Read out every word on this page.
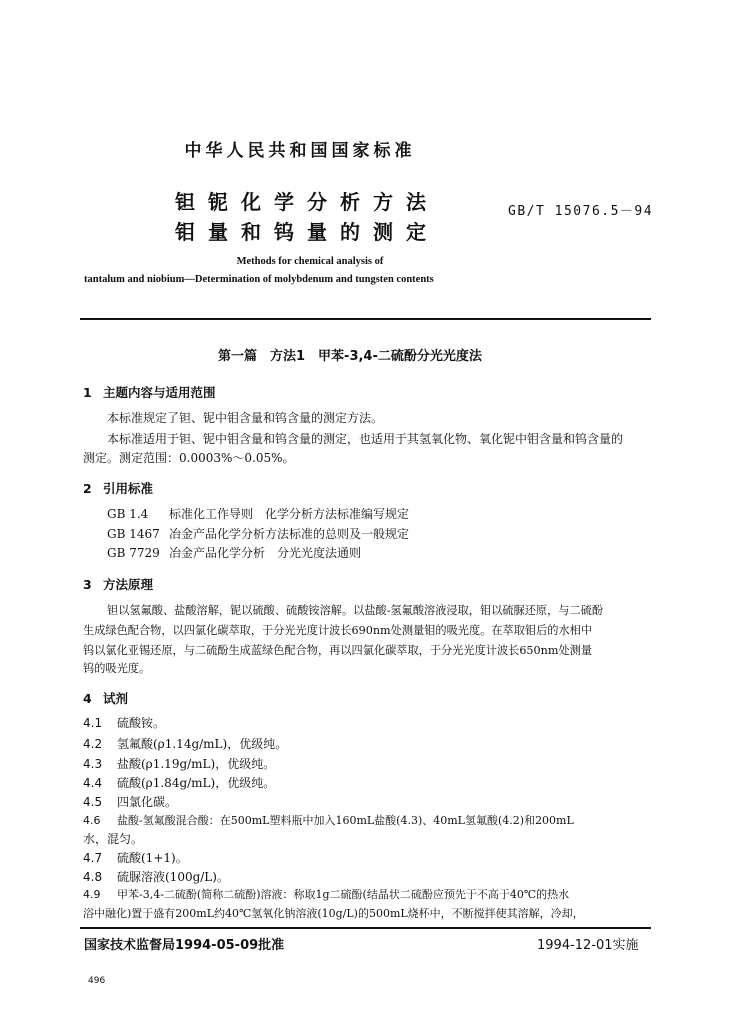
中华人民共和国国家标准
钽铌化学分析方法
钼量和钨量的测定
GB/T 15076.5－94
Methods for chemical analysis of
tantalum and niobium—Determination of molybdenum and tungsten contents
第一篇　方法1　甲苯-3,4-二硫酚分光光度法
1 主题内容与适用范围
本标准规定了钽、铌中钼含量和钨含量的测定方法。
本标准适用于钽、铌中钼含量和钨含量的测定，也适用于其氢氧化物、氧化铌中钼含量和钨含量的
测定。测定范围：0.0003%～0.05%。
2 引用标准
GB 1.4 标准化工作导则　化学分析方法标准编写规定
GB 1467 冶金产品化学分析方法标准的总则及一般规定
GB 7729 冶金产品化学分析　分光光度法通则
3 方法原理
钽以氢氟酸、盐酸溶解，铌以硫酸、硫酸铵溶解。以盐酸-氢氟酸溶液浸取，钼以硫脲还原，与二硫酚
生成绿色配合物，以四氯化碳萃取，于分光光度计波长690nm处测量钼的吸光度。在萃取钼后的水相中
钨以氯化亚锡还原，与二硫酚生成蓝绿色配合物，再以四氯化碳萃取，于分光光度计波长650nm处测量
钨的吸光度。
4 试剂
4.1 硫酸铵。
4.2 氢氟酸(ρ1.14g/mL)，优级纯。
4.3 盐酸(ρ1.19g/mL)，优级纯。
4.4 硫酸(ρ1.84g/mL)，优级纯。
4.5 四氯化碳。
4.6 盐酸-氢氟酸混合酸：在500mL塑料瓶中加入160mL盐酸(4.3)、40mL氢氟酸(4.2)和200mL
水，混匀。
4.7 硫酸(1+1)。
4.8 硫脲溶液(100g/L)。
4.9 甲苯-3,4-二硫酚(简称二硫酚)溶液：称取1g二硫酚(结晶状二硫酚应预先于不高于40℃的热水
浴中融化)置于盛有200mL约40℃氢氧化钠溶液(10g/L)的500mL烧杯中，不断搅拌使其溶解，冷却，
国家技术监督局1994-05-09批准	1994-12-01实施
496
